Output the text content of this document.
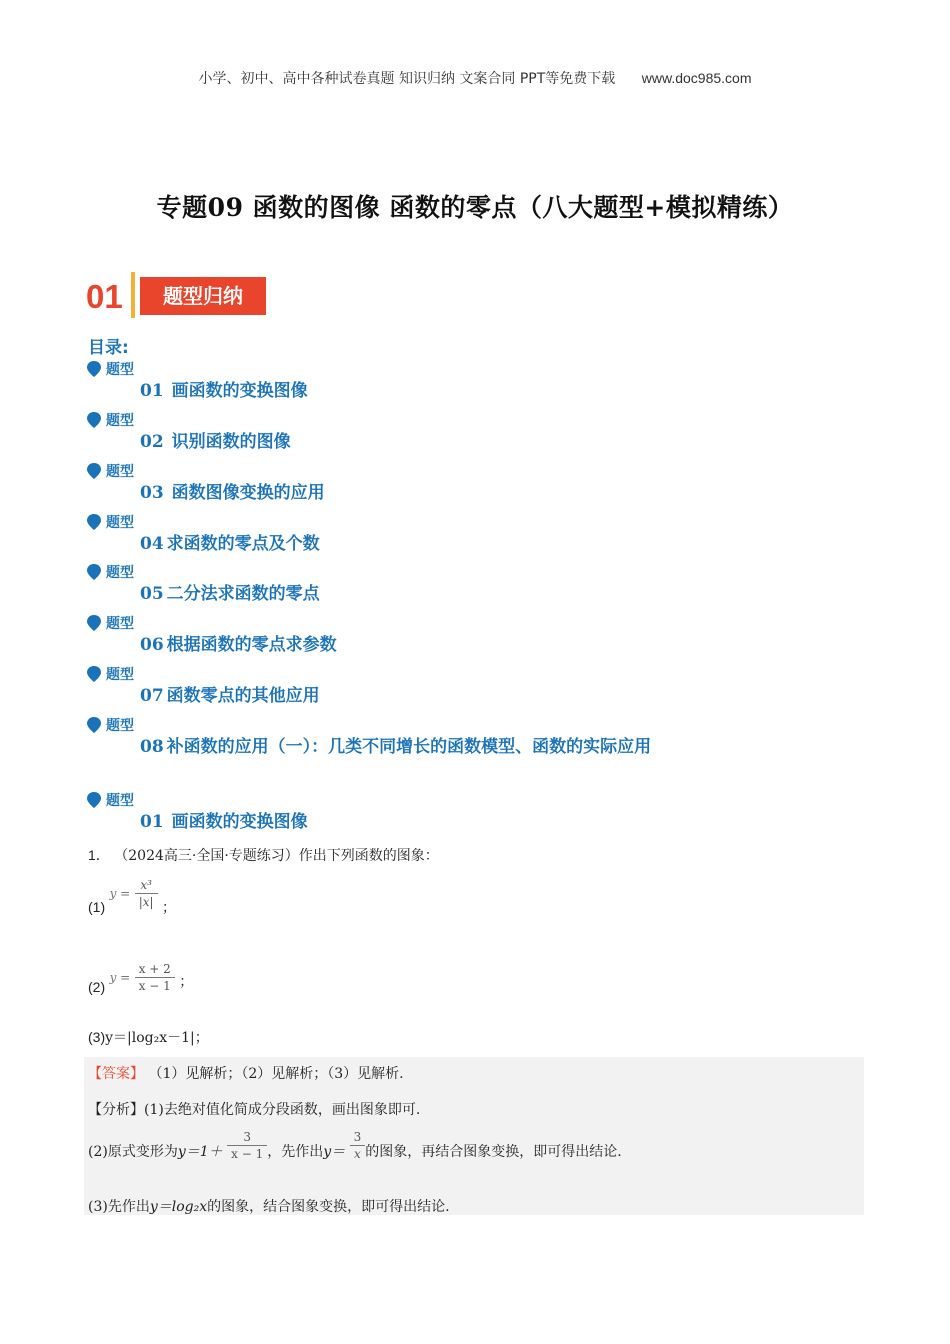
小学、初中、高中各种试卷真题 知识归纳 文案合同 PPT等免费下载 www.doc985.com
专题09 函数的图像 函数的零点（八大题型+模拟精练）
01	题型归纳
目录:
题型
01 画函数的变换图像
题型
02 识别函数的图像
题型
03 函数图像变换的应用
题型
04 求函数的零点及个数
题型
05 二分法求函数的零点
题型
06 根据函数的零点求参数
题型
07 函数零点的其他应用
题型
08 补函数的应用（一）：几类不同增长的函数模型、函数的实际应用
题型
01 画函数的变换图像
1． （2024高三·全国·专题练习）作出下列函数的图象：
(1) $y = \frac{\text{x³}}{|x|}$ ；
(2) $y = \frac{x + 2}{x - 1}$ ；
(3)y＝|log₂x－1|；
【答案】 （1）见解析；（2）见解析；（3）见解析.
【分析】(1)去绝对值化简成分段函数，画出图象即可.
(2)原式变形为$y=1+ \frac{3}{x - 1}$ ，先作出$y= \frac{3}{x}$ 的图象，再结合图象变换，即可得出结论.
(3)先作出y＝log₂x的图象，结合图象变换，即可得出结论.
